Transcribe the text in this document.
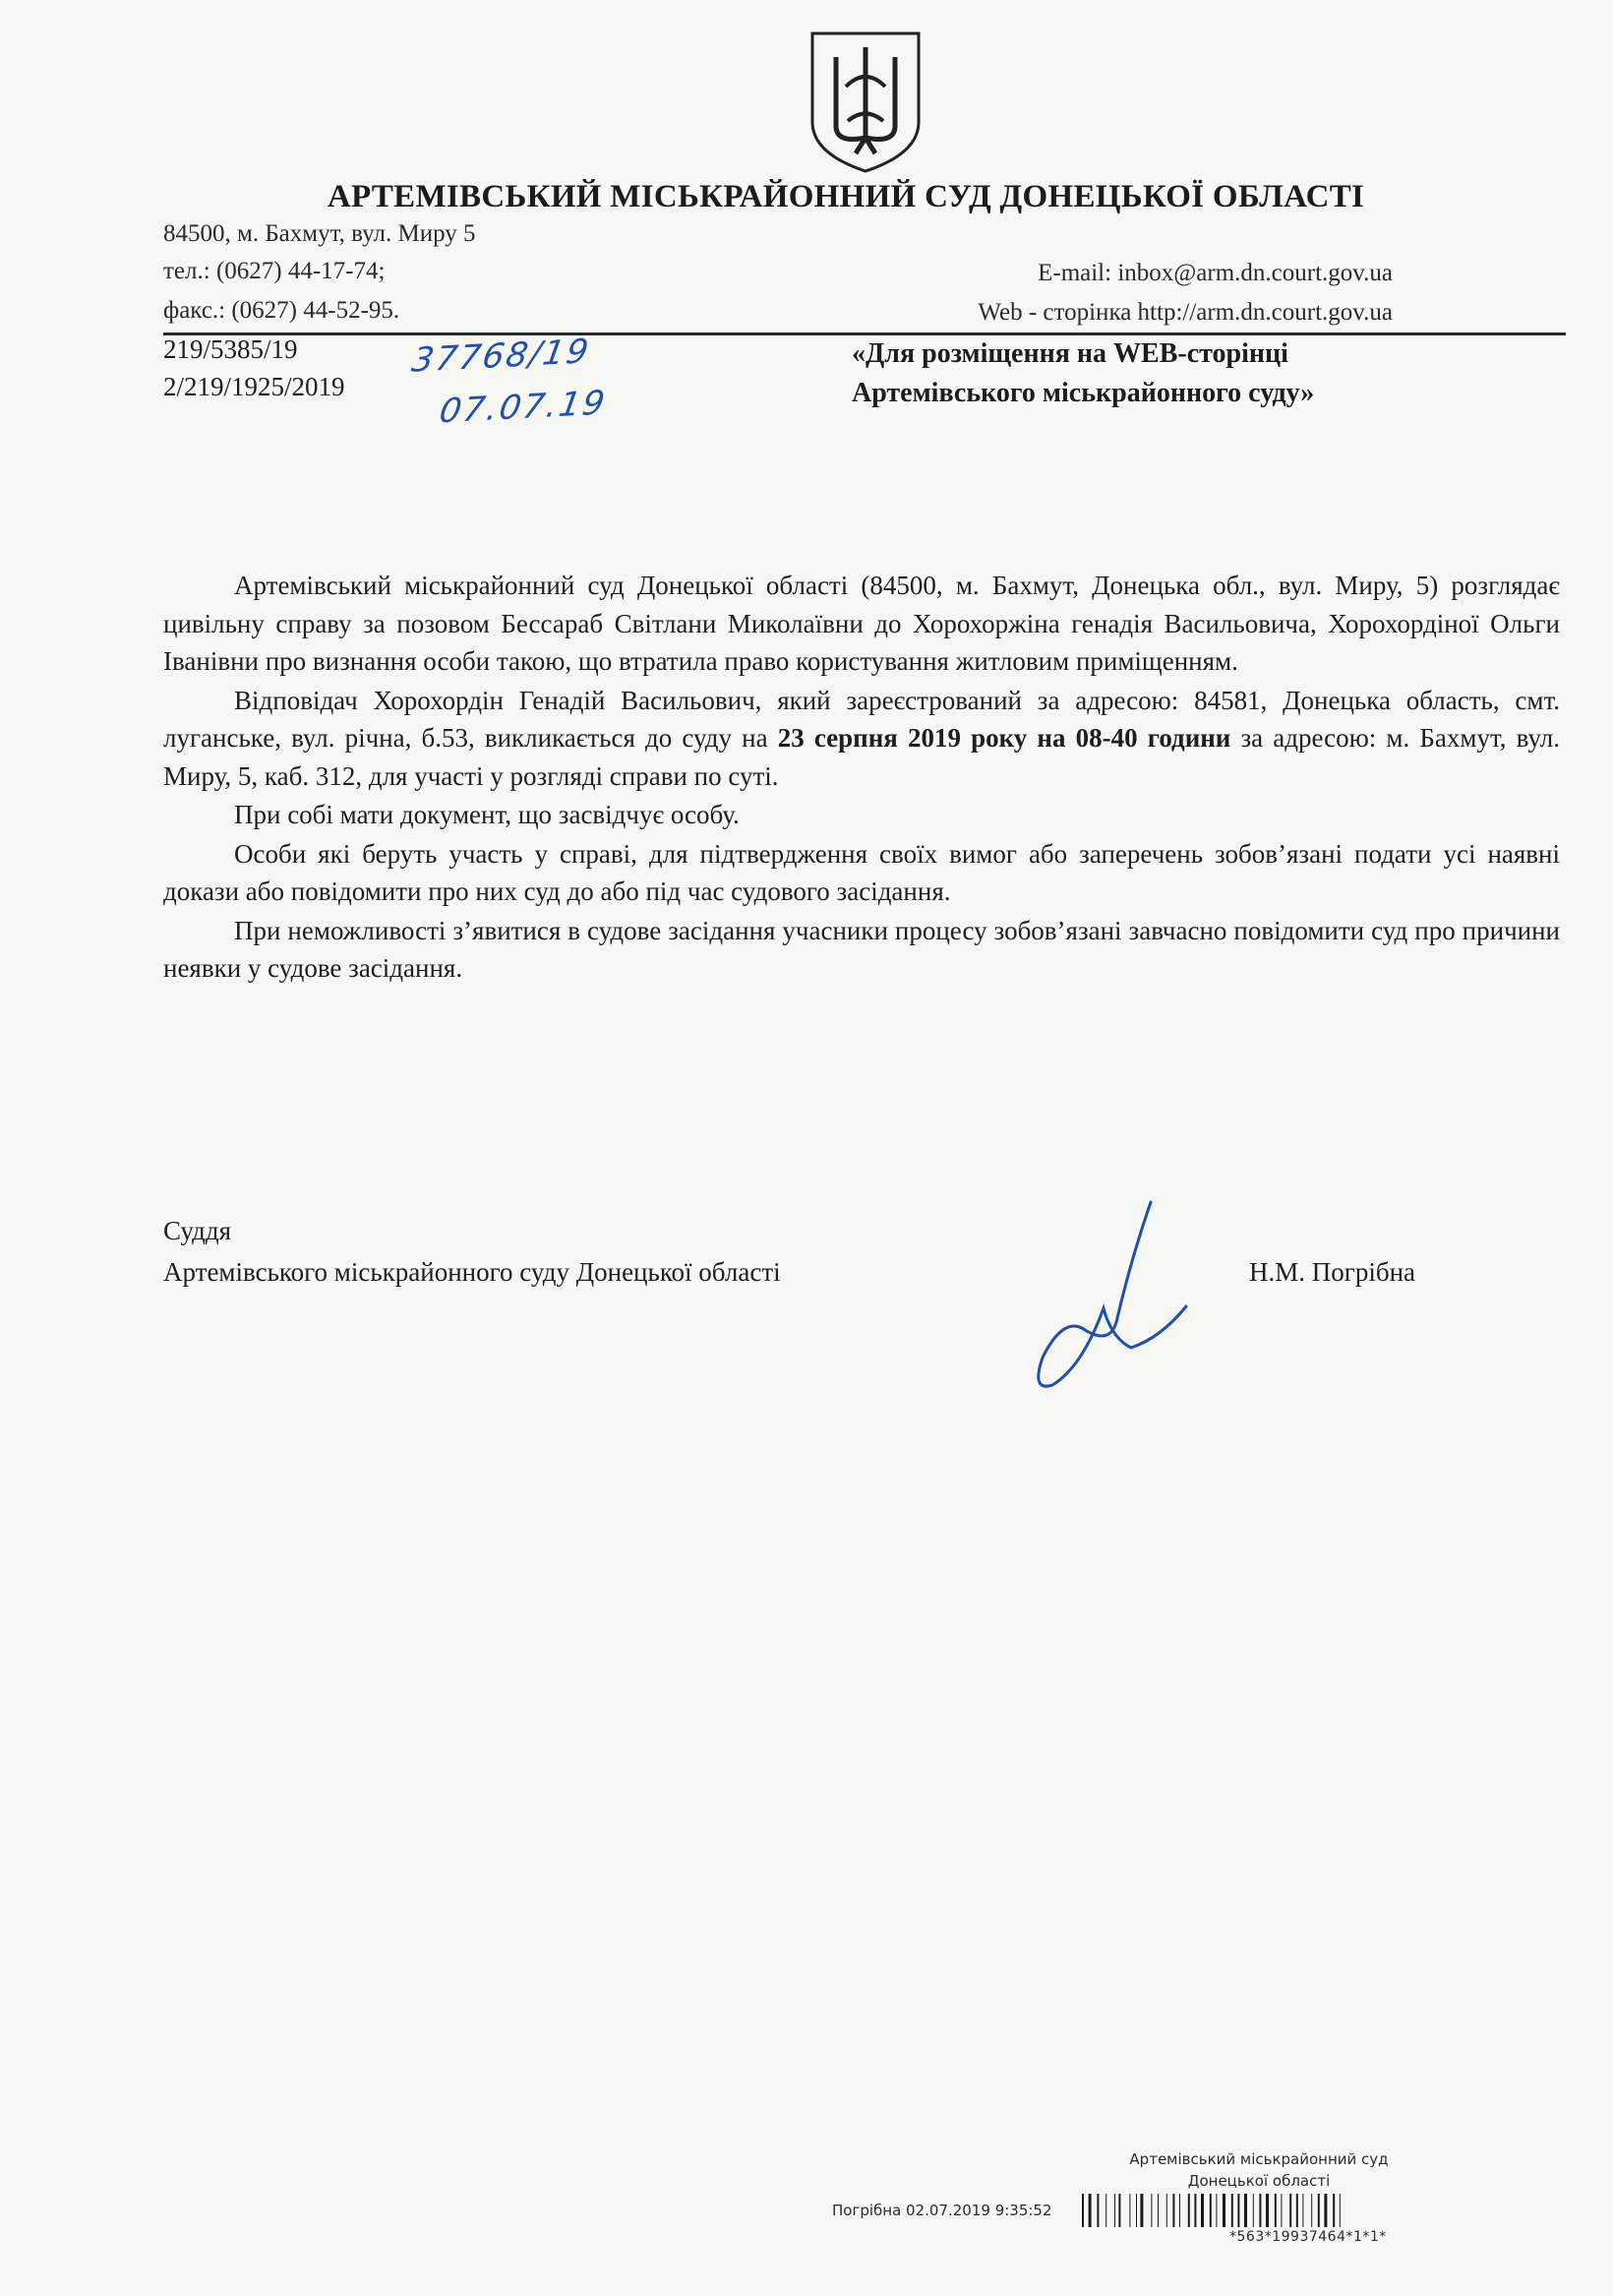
АРТЕМІВСЬКИЙ МІСЬКРАЙОННИЙ СУД ДОНЕЦЬКОЇ ОБЛАСТІ
84500, м. Бахмут, вул. Миру 5
тел.: (0627) 44-17-74;
факс.: (0627) 44-52-95.
E-mail: inbox@arm.dn.court.gov.ua
Web - сторінка http://arm.dn.court.gov.ua
219/5385/19
2/219/1925/2019
37768/19
07.07.19
«Для розміщення на WEB-сторінці
Артемівського міськрайонного суду»

Артемівський міськрайонний суд Донецької області (84500, м. Бахмут, Донецька обл., вул. Миру, 5) розглядає цивільну справу за позовом Бессараб Світлани Миколаївни до Хорохоржіна генадія Васильовича, Хорохордіної Ольги Іванівни про визнання особи такою, що втратила право користування житловим приміщенням.

Відповідач Хорохордін Генадій Васильович, який зареєстрований за адресою: 84581, Донецька область, смт. луганське, вул. річна, б.53, викликається до суду на 23 серпня 2019 року на 08-40 години за адресою: м. Бахмут, вул. Миру, 5, каб. 312, для участі у розгляді справи по суті.

При собі мати документ, що засвідчує особу.

Особи які беруть участь у справі, для підтвердження своїх вимог або заперечень зобов’язані подати усі наявні докази або повідомити про них суд до або під час судового засідання.

При неможливості з’явитися в судове засідання учасники процесу зобов’язані завчасно повідомити суд про причини неявки у судове засідання.

Суддя
Артемівського міськрайонного суду Донецької області	Н.М. Погрібна
Артемівський міськрайонний суд
Донецької області
Погрібна 02.07.2019 9:35:52
*563*19937464*1*1*
